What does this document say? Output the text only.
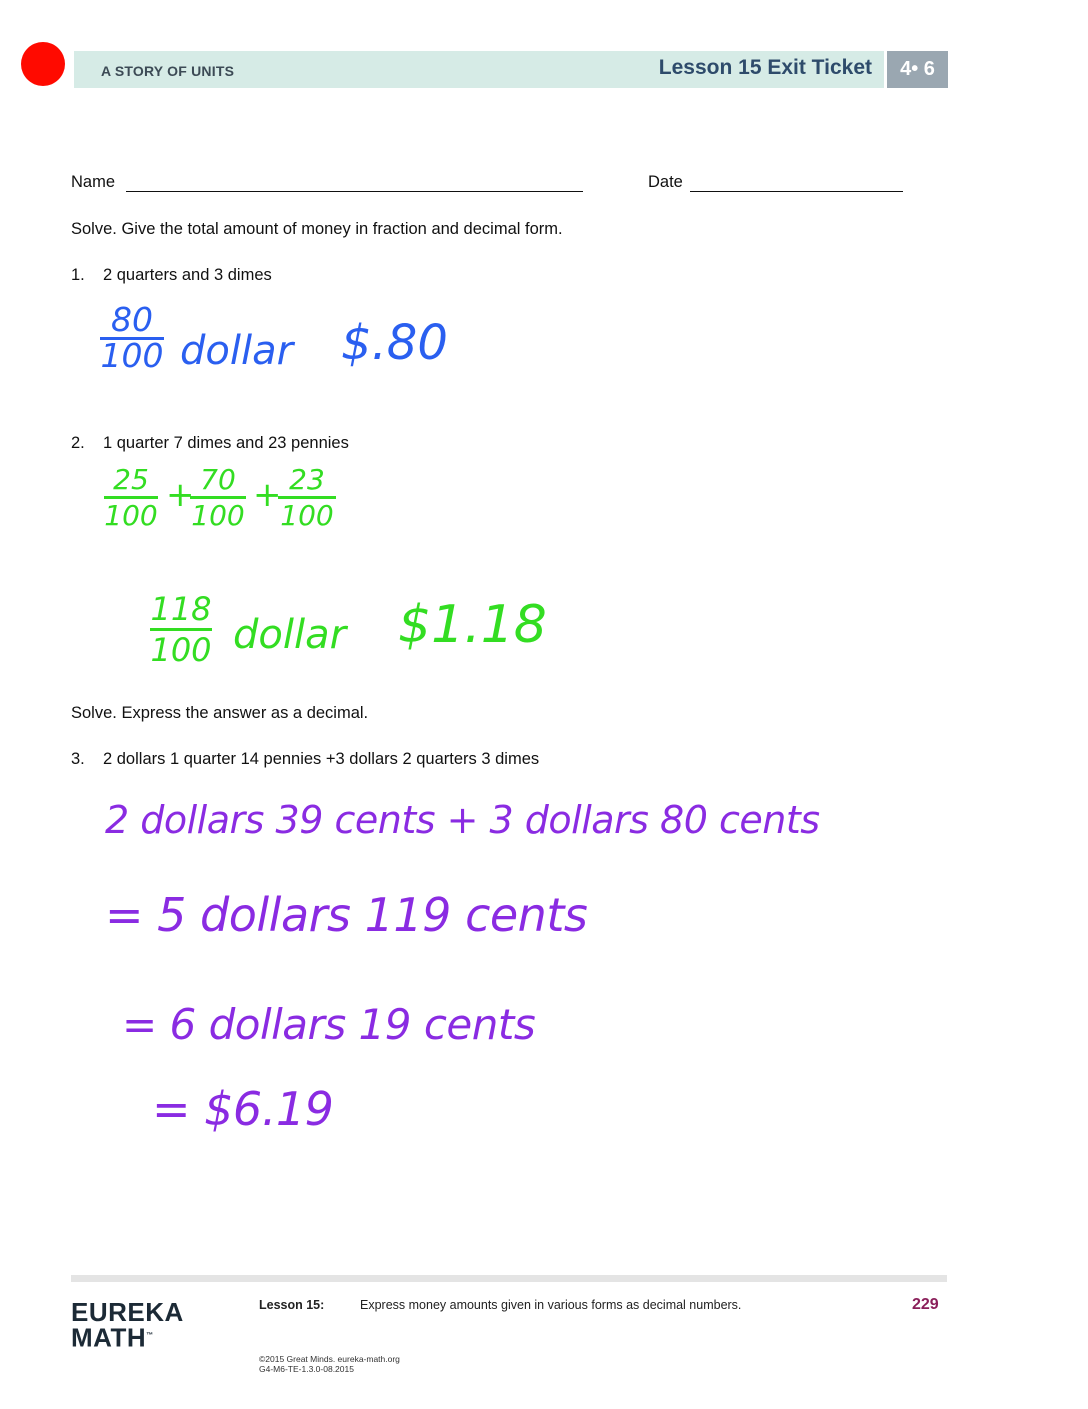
A STORY OF UNITS	Lesson 15 Exit Ticket	4• 6
Name	Date
Solve. Give the total amount of money in fraction and decimal form.
1. 2 quarters and 3 dimes
80
100 dollar $.80
2. 1 quarter 7 dimes and 23 pennies
25
100
+ 70
100
+ 23
100
118
100 dollar $1.18
Solve. Express the answer as a decimal.
3. 2 dollars 1 quarter 14 pennies +3 dollars 2 quarters 3 dimes
2 dollars 39 cents + 3 dollars 80 cents
= 5 dollars 119 cents
= 6 dollars 19 cents
= $6.19
EUREKA
MATH™
Lesson 15:	Express money amounts given in various forms as decimal numbers.	229
©2015 Great Minds. eureka-math.org
G4-M6-TE-1.3.0-08.2015
